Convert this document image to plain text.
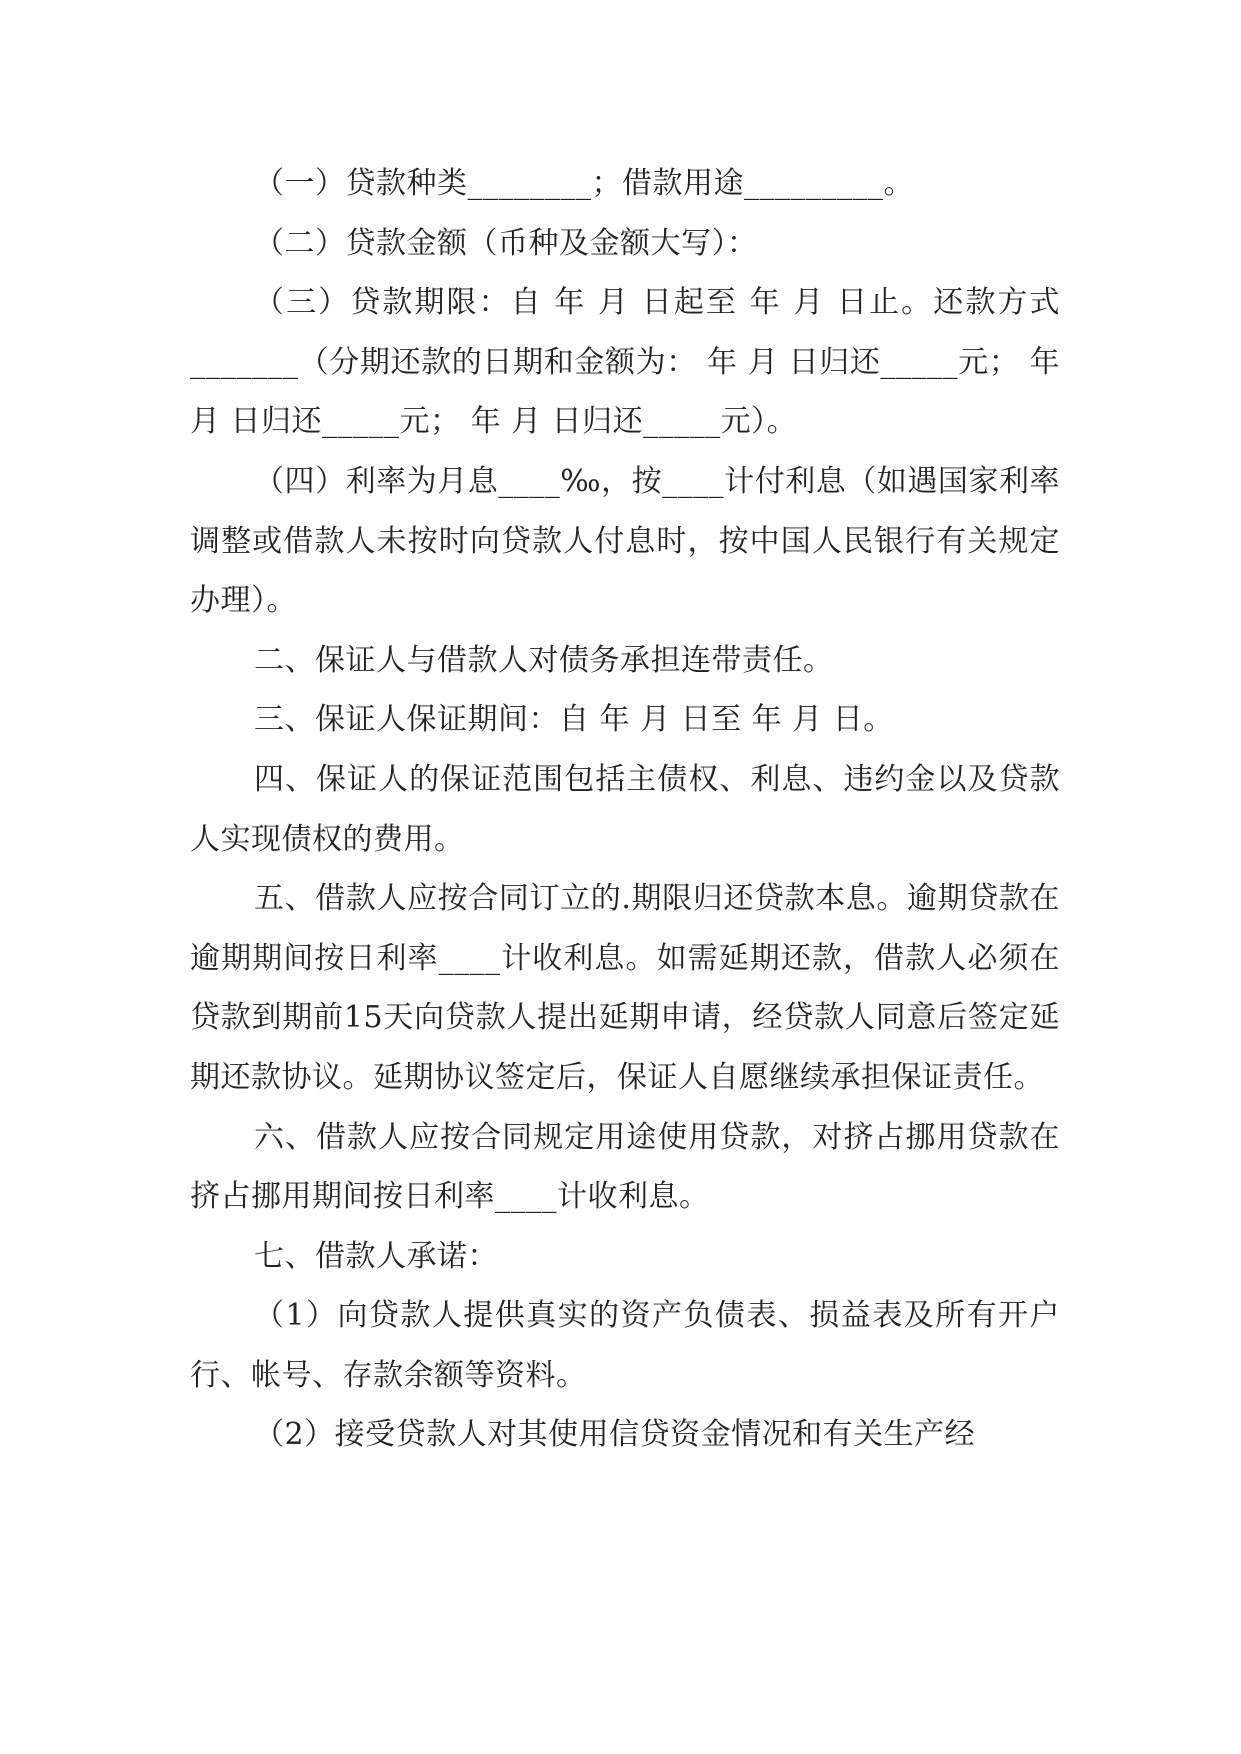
（一）贷款种类________；借款用途_________。

（二）贷款金额（币种及金额大写）：

（三）贷款期限：自 年 月 日起至 年 月 日止。还款方式_______（分期还款的日期和金额为： 年 月 日归还_____元； 年 月 日归还_____元； 年 月 日归还_____元）。

（四）利率为月息____‰，按____计付利息（如遇国家利率调整或借款人未按时向贷款人付息时，按中国人民银行有关规定办理）。

二、保证人与借款人对债务承担连带责任。

三、保证人保证期间：自 年 月 日至 年 月 日。

四、保证人的保证范围包括主债权、利息、违约金以及贷款人实现债权的费用。

五、借款人应按合同订立的.期限归还贷款本息。逾期贷款在逾期期间按日利率____计收利息。如需延期还款，借款人必须在贷款到期前15天向贷款人提出延期申请，经贷款人同意后签定延期还款协议。延期协议签定后，保证人自愿继续承担保证责任。

六、借款人应按合同规定用途使用贷款，对挤占挪用贷款在挤占挪用期间按日利率____计收利息。

七、借款人承诺：

（1）向贷款人提供真实的资产负债表、损益表及所有开户行、帐号、存款余额等资料。

（2）接受贷款人对其使用信贷资金情况和有关生产经
